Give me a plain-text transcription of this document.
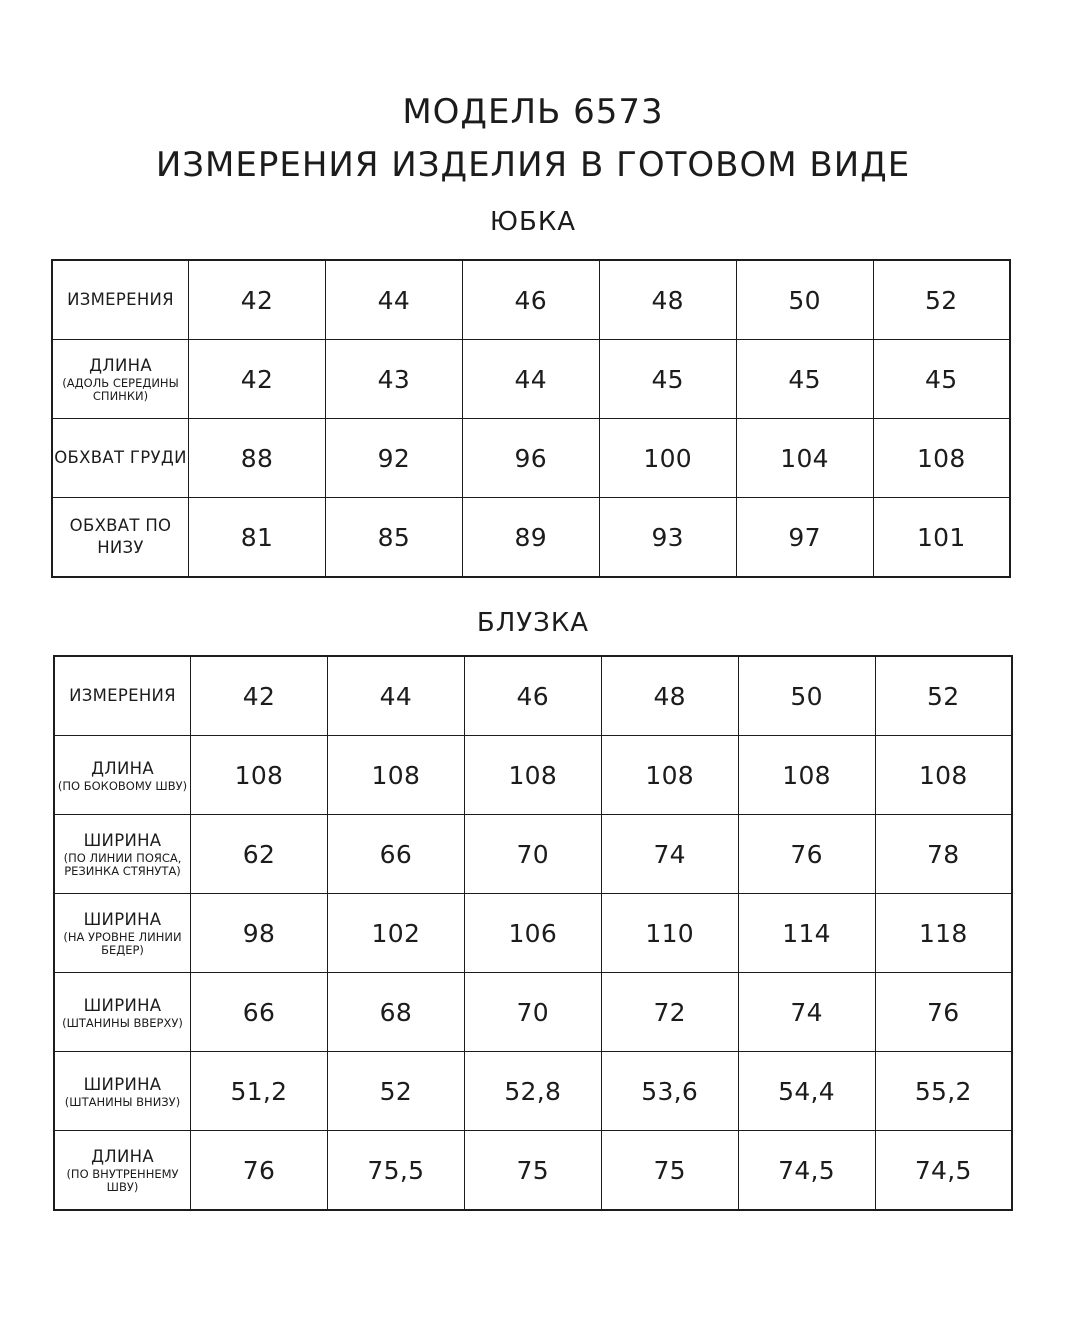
МОДЕЛЬ 6573
ИЗМЕРЕНИЯ ИЗДЕЛИЯ В ГОТОВОМ ВИДЕ
ЮБКА
ИЗМЕРЕНИЯ	42	44	46	48	50	52

ДЛИНА
(АДОЛЬ СЕРЕДИНЫ СПИНКИ)	42	43	44	45	45	45

ОБХВАТ ГРУДИ	88	92	96	100	104	108

ОБХВАТ ПО НИЗУ	81	85	89	93	97	101
БЛУЗКА
ИЗМЕРЕНИЯ	42	44	46	48	50	52

ДЛИНА
(ПО БОКОВОМУ ШВУ)	108	108	108	108	108	108

ШИРИНА
(ПО ЛИНИИ ПОЯСА, РЕЗИНКА СТЯНУТА)	62	66	70	74	76	78

ШИРИНА
(НА УРОВНЕ ЛИНИИ БЕДЕР)	98	102	106	110	114	118

ШИРИНА
(ШТАНИНЫ ВВЕРХУ)	66	68	70	72	74	76

ШИРИНА
(ШТАНИНЫ ВНИЗУ)	51,2	52	52,8	53,6	54,4	55,2

ДЛИНА
(ПО ВНУТРЕННЕМУ ШВУ)	76	75,5	75	75	74,5	74,5
